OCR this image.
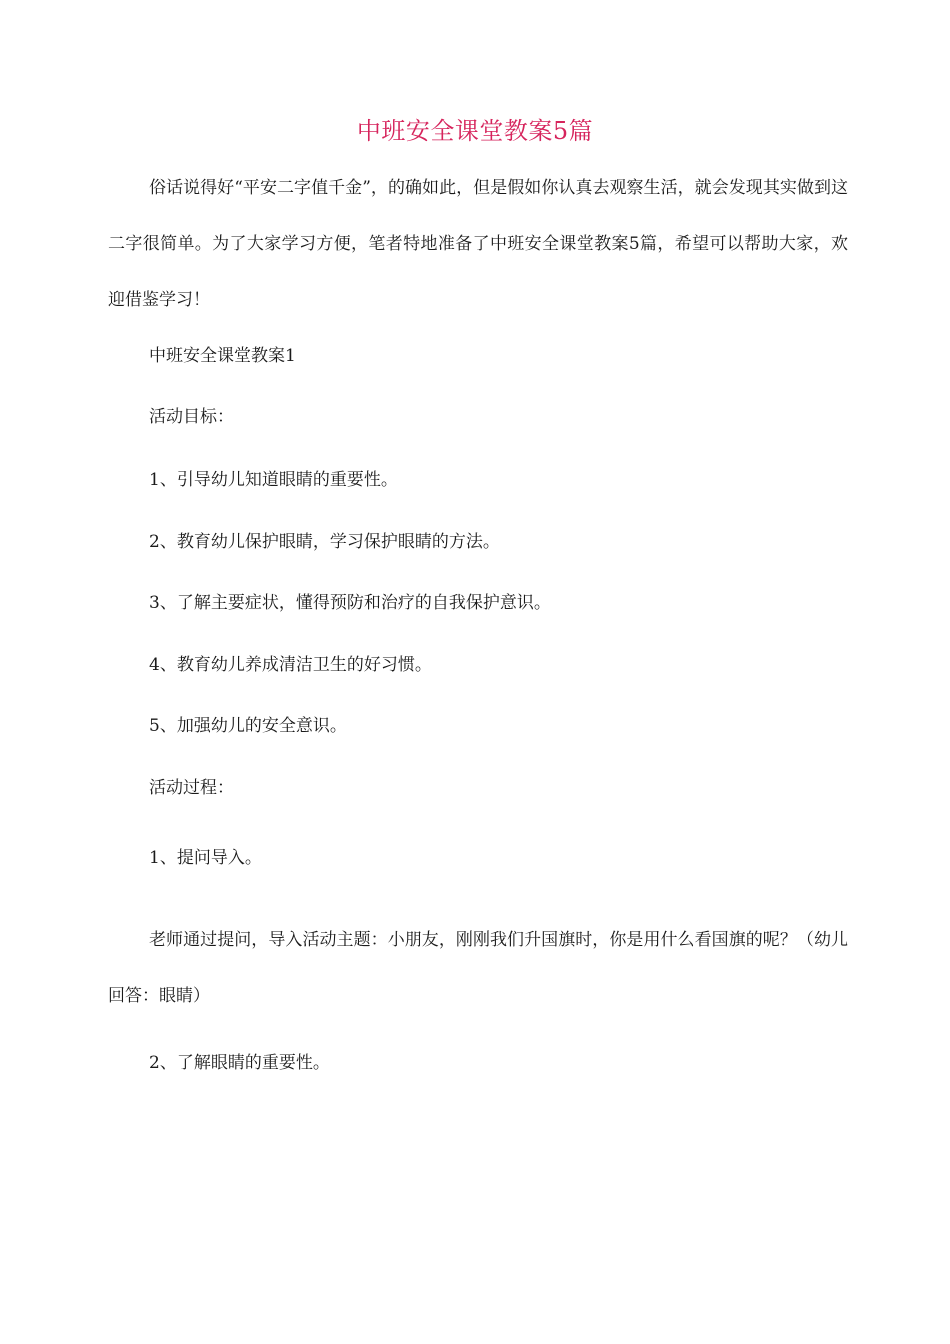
中班安全课堂教案5篇

俗话说得好“平安二字值千金”，的确如此，但是假如你认真去观察生活，就会发现其实做到这二字很简单。为了大家学习方便，笔者特地准备了中班安全课堂教案5篇，希望可以帮助大家，欢迎借鉴学习！

中班安全课堂教案1

活动目标：

1、引导幼儿知道眼睛的重要性。

2、教育幼儿保护眼睛，学习保护眼睛的方法。

3、了解主要症状，懂得预防和治疗的自我保护意识。

4、教育幼儿养成清洁卫生的好习惯。

5、加强幼儿的安全意识。

活动过程：

1、提问导入。

老师通过提问，导入活动主题：小朋友，刚刚我们升国旗时，你是用什么看国旗的呢？（幼儿回答：眼睛）

2、了解眼睛的重要性。
